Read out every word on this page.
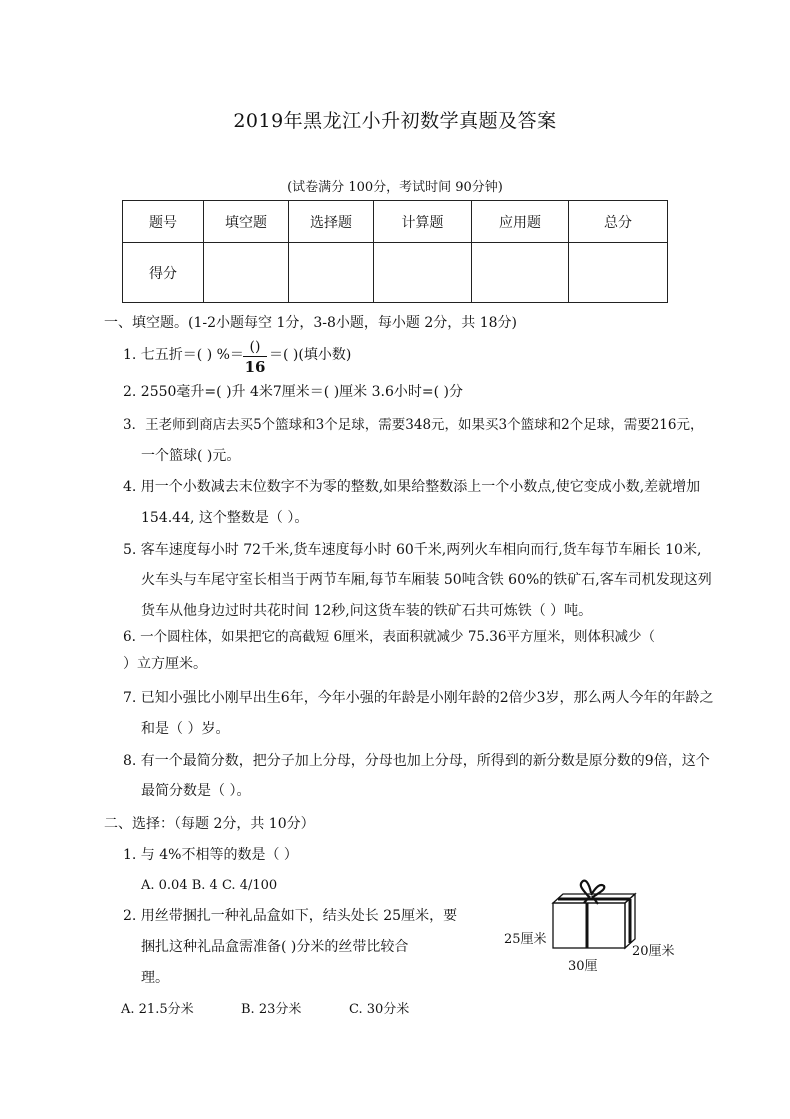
2019年黑龙江小升初数学真题及答案
(试卷满分 100分，考试时间 90分钟)
题号	填空题	选择题	计算题	应用题	总分
得分					
一、填空题。(1-2小题每空 1分，3-8小题，每小题 2分，共 18分)
1. 七五折＝( ) %＝ ()
16
＝( )(填小数)
2. 2550毫升=( )升 4米7厘米＝( )厘米 3.6小时=( )分
3．王老师到商店去买5个篮球和3个足球，需要348元，如果买3个篮球和2个足球，需要216元，
一个篮球( )元。
4. 用一个小数减去末位数字不为零的整数,如果给整数添上一个小数点,使它变成小数,差就增加
154.44, 这个整数是（ ）。
5. 客车速度每小时 72千米,货车速度每小时 60千米,两列火车相向而行,货车每节车厢长 10米,
火车头与车尾守室长相当于两节车厢,每节车厢装 50吨含铁 60%的铁矿石,客车司机发现这列
货车从他身边过时共花时间 12秒,问这货车装的铁矿石共可炼铁（ ）吨。
6. 一个圆柱体，如果把它的高截短 6厘米，表面积就减少 75.36平方厘米，则体积减少（
）立方厘米。
7. 已知小强比小刚早出生6年，今年小强的年龄是小刚年龄的2倍少3岁，那么两人今年的年龄之
和是（ ）岁。
8. 有一个最简分数，把分子加上分母，分母也加上分母，所得到的新分数是原分数的9倍，这个
最简分数是（ ）。
二、选择：（每题 2分，共 10分）
1. 与 4%不相等的数是（ ）
A. 0.04 B. 4 C. 4/100
2. 用丝带捆扎一种礼品盒如下，结头处长 25厘米，要
捆扎这种礼品盒需准备( )分米的丝带比较合
理。
A. 21.5分米	B. 23分米	C. 30分米
25厘米
20厘米
30厘
